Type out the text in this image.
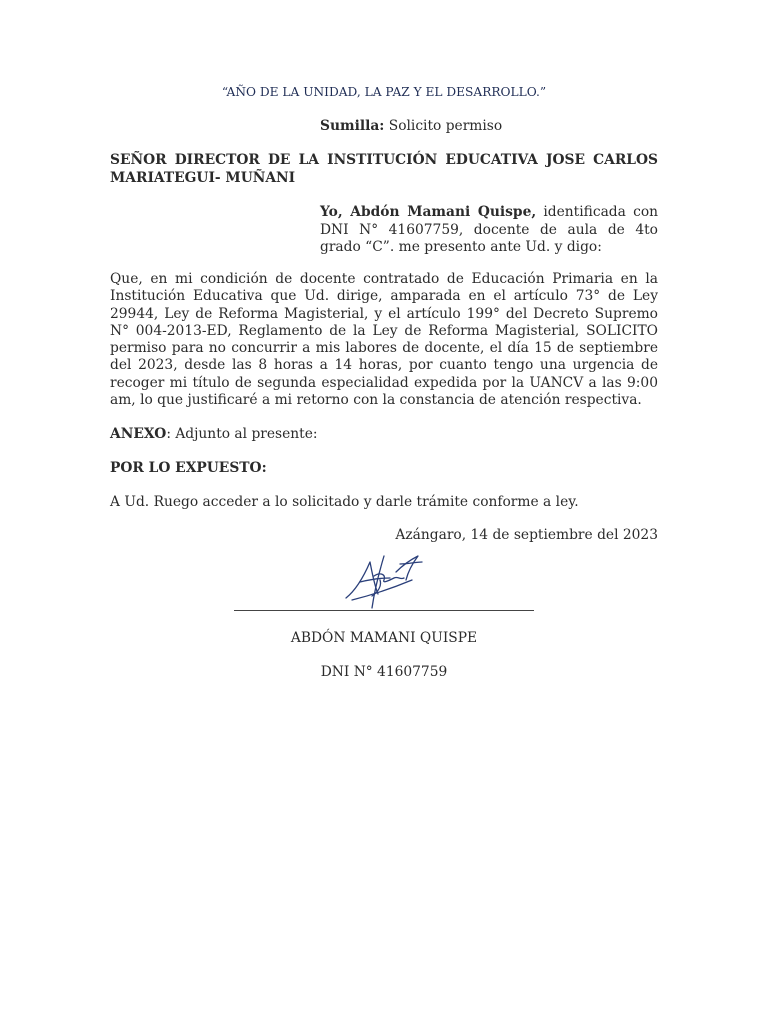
“AÑO DE LA UNIDAD, LA PAZ Y EL DESARROLLO.”
Sumilla: Solicito permiso
SEÑOR DIRECTOR DE LA INSTITUCIÓN EDUCATIVA JOSE CARLOS MARIATEGUI- MUÑANI
Yo, Abdón Mamani Quispe, identificada con DNI N° 41607759, docente de aula de 4to grado “C”. me presento ante Ud. y digo:
Que, en mi condición de docente contratado de Educación Primaria en la Institución Educativa que Ud. dirige, amparada en el artículo 73° de Ley 29944, Ley de Reforma Magisterial, y el artículo 199° del Decreto Supremo N° 004-2013-ED, Reglamento de la Ley de Reforma Magisterial, SOLICITO permiso para no concurrir a mis labores de docente, el día 15 de septiembre del 2023, desde las 8 horas a 14 horas, por cuanto tengo una urgencia de recoger mi título de segunda especialidad expedida por la UANCV a las 9:00 am, lo que justificaré a mi retorno con la constancia de atención respectiva.
ANEXO: Adjunto al presente:
POR LO EXPUESTO:
A Ud. Ruego acceder a lo solicitado y darle trámite conforme a ley.
Azángaro, 14 de septiembre del 2023
ABDÓN MAMANI QUISPE
DNI N° 41607759
